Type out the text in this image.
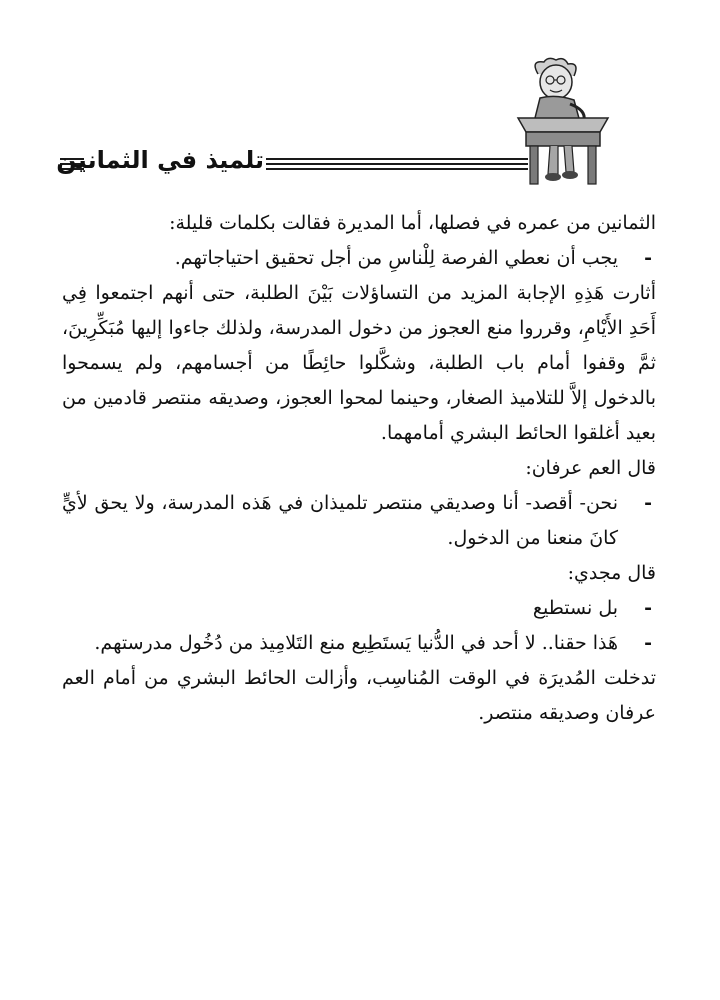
تلميذ في الثمانين

الثمانين من عمره في فصلها، أما المديرة فقالت بكلمات قليلة:

-
يجب أن نعطي الفرصة لِلْناسِ من أجل تحقيق احتياجاتهم.

أثارت هَذِهِ الإجابة المزيد من التساؤلات بَيْنَ الطلبة، حتى أنهم اجتمعوا فِي أَحَدِ الأَيْامِ، وقرروا منع العجوز من دخول المدرسة، ولذلك جاءوا إليها مُبَكِّرِينَ، ثمَّ وقفوا أمام باب الطلبة، وشكَّلوا حائِطًا من أجسامهم، ولم يسمحوا بالدخول إلاَّ للتلاميذ الصغار، وحينما لمحوا العجوز، وصديقه منتصر قادمين من بعيد أغلقوا الحائط البشري أمامهما.

قال العم عرفان:

-
نحن- أقصد- أنا وصديقي منتصر تلميذان في هَذه المدرسة، ولا يحق لأيٍّ كانَ منعنا من الدخول.

قال مجدي:

-
بل نستطيع

-
هَذا حقنا.. لا أحد في الدُّنيا يَستَطِيع منع التَلامِيذ من دُخُول مدرستهم.

تدخلت المُديرَة في الوقت المُناسِب، وأزالت الحائط البشري من أمام العم عرفان وصديقه منتصر.
